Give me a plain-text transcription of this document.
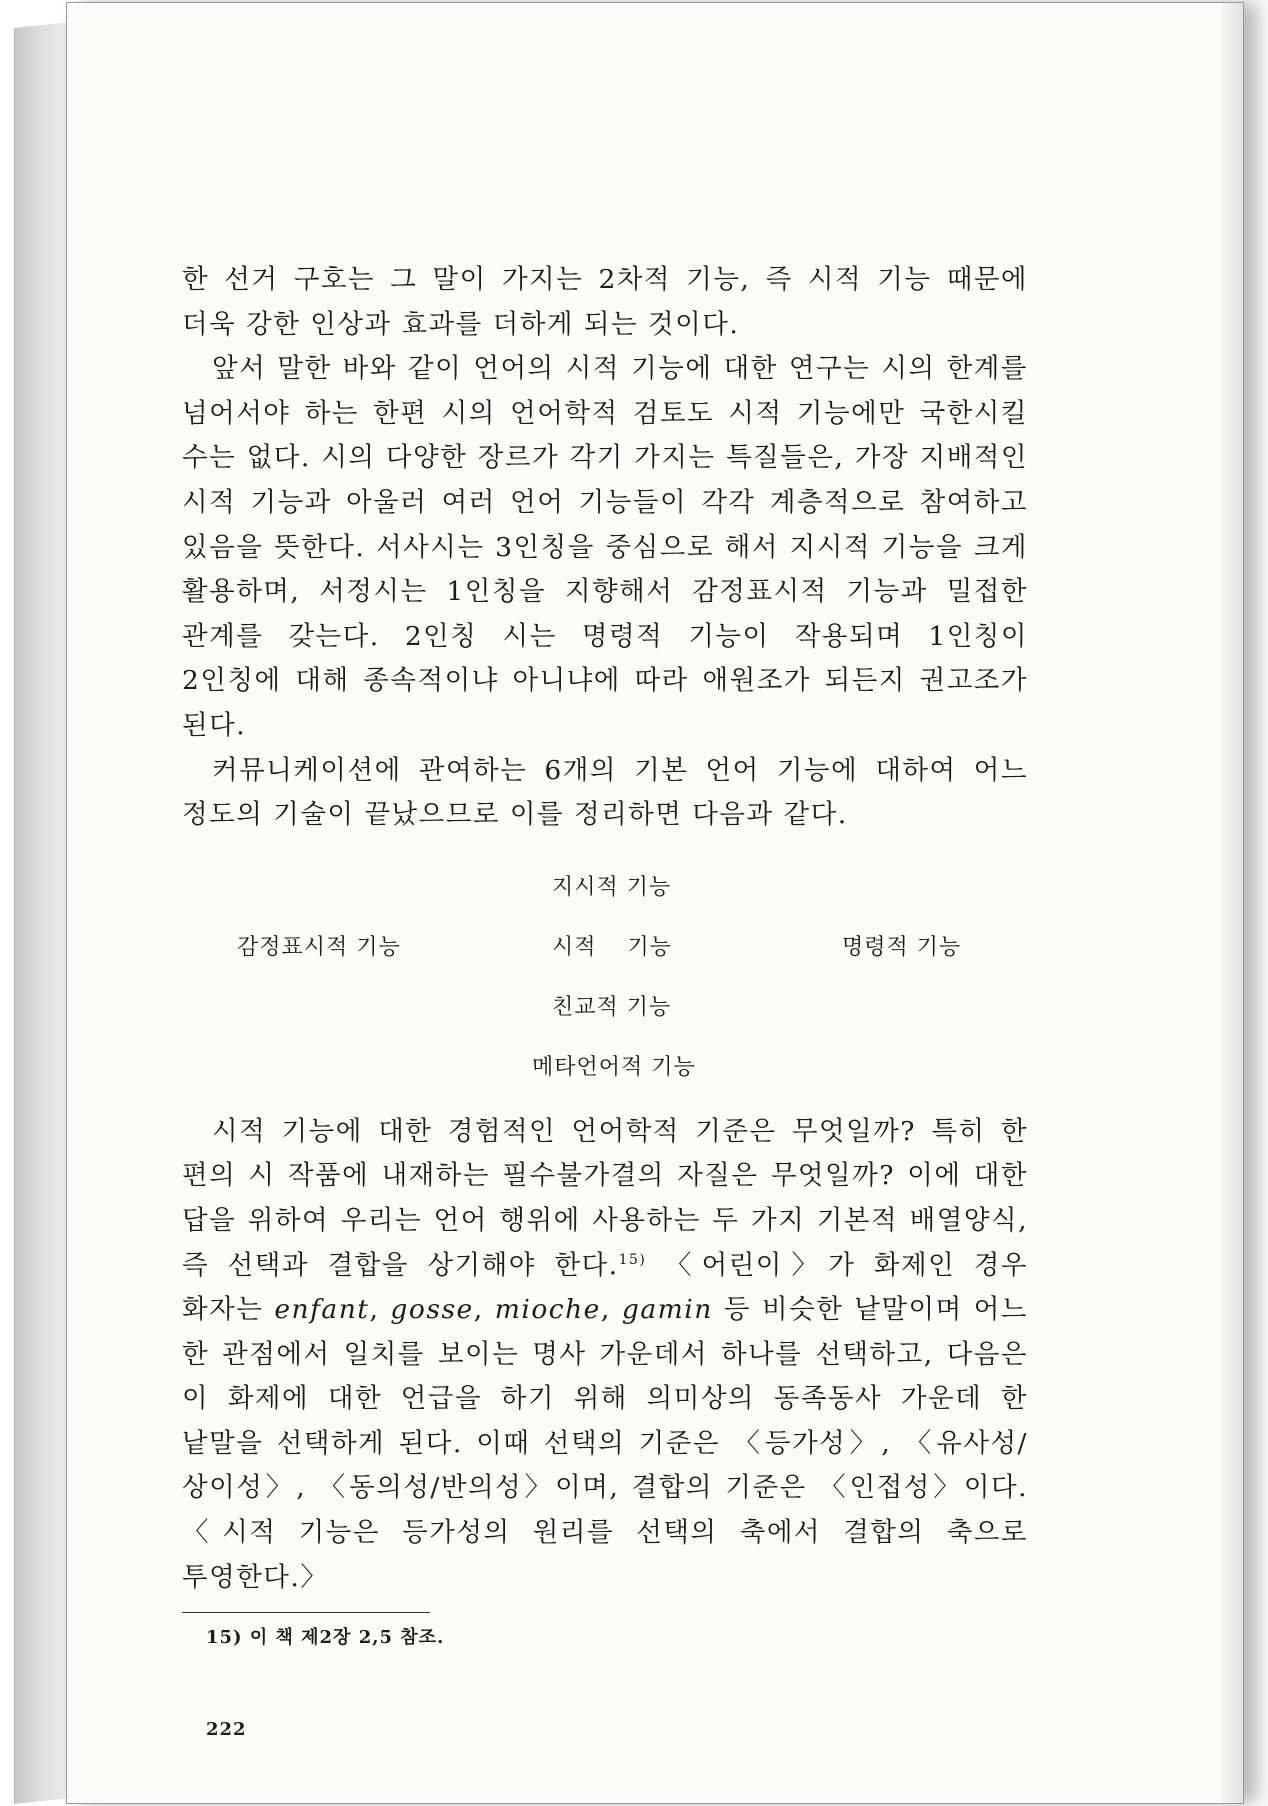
한 선거 구호는 그 말이 가지는 2차적 기능, 즉 시적 기능 때문에 더욱 강한 인상과 효과를 더하게 되는 것이다.

앞서 말한 바와 같이 언어의 시적 기능에 대한 연구는 시의 한계를 넘어서야 하는 한편 시의 언어학적 검토도 시적 기능에만 국한시킬 수는 없다. 시의 다양한 장르가 각기 가지는 특질들은, 가장 지배적인 시적 기능과 아울러 여러 언어 기능들이 각각 계층적으로 참여하고 있음을 뜻한다. 서사시는 3인칭을 중심으로 해서 지시적 기능을 크게 활용하며, 서정시는 1인칭을 지향해서 감정표시적 기능과 밀접한 관계를 갖는다. 2인칭 시는 명령적 기능이 작용되며 1인칭이 2인칭에 대해 종속적이냐 아니냐에 따라 애원조가 되든지 권고조가 된다.

커뮤니케이션에 관여하는 6개의 기본 언어 기능에 대하여 어느 정도의 기술이 끝났으므로 이를 정리하면 다음과 같다.

지시적 기능
감정표시적 기능	시적　 기능	명령적 기능
친교적 기능
메타언어적 기능

시적 기능에 대한 경험적인 언어학적 기준은 무엇일까? 특히 한 편의 시 작품에 내재하는 필수불가결의 자질은 무엇일까? 이에 대한 답을 위하여 우리는 언어 행위에 사용하는 두 가지 기본적 배열양식, 즉 선택과 결합을 상기해야 한다.$^{15)}$ 〈어린이〉가 화제인 경우 화자는 enfant, gosse, mioche, gamin 등 비슷한 낱말이며 어느 한 관점에서 일치를 보이는 명사 가운데서 하나를 선택하고, 다음은 이 화제에 대한 언급을 하기 위해 의미상의 동족동사 가운데 한 낱말을 선택하게 된다. 이때 선택의 기준은 〈등가성〉, 〈유사성/상이성〉, 〈동의성/반의성〉이며, 결합의 기준은 〈인접성〉이다. 〈시적 기능은 등가성의 원리를 선택의 축에서 결합의 축으로 투영한다.〉

15) 이 책 제2장 2,5 참조.
222
